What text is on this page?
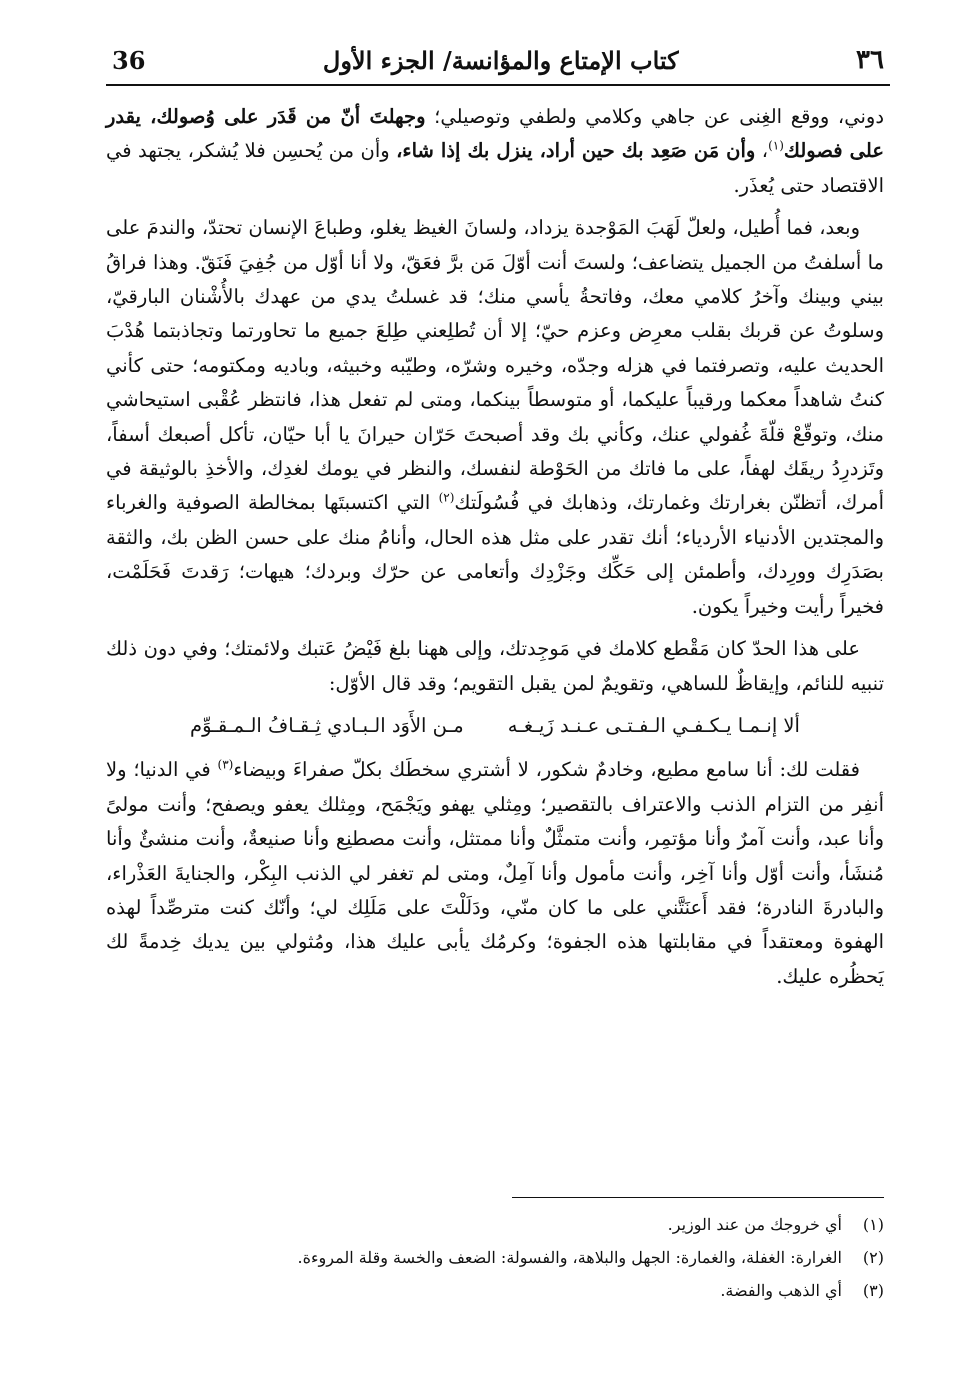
36	كتاب الإمتاع والمؤانسة/ الجزء الأول	٣٦

دوني، ووقع الغِنى عن جاهي وكلامي ولطفي وتوصيلي؛ وجهلتَ أنّ من قَدَر على وُصولك، يقدر على فصولك$^{(١)}$، وأن مَن صَعِد بك حين أراد، ينزل بك إذا شاء، وأن من يُحسِن فلا يُشكر، يجتهد في الاقتصاد حتى يُعذَر.

وبعد، فما أُطيل، ولعلّ لَهَبَ المَوْجدة يزداد، ولسانَ الغيظ يغلو، وطباعَ الإنسان تحتدّ، والندمَ على ما أسلفتُ من الجميل يتضاعف؛ ولستَ أنت أوّلَ مَن برَّ فعَقّ، ولا أنا أوّل من جُفِيَ فَنَقّ. وهذا فراقُ بيني وبينك وآخرُ كلامي معك، وفاتحةُ يأسي منك؛ قد غسلتُ يدي من عهدك بالأُشْنان البارقيّ، وسلوتُ عن قربك بقلب معرِض وعزم حيّ؛ إلا أن تُطلِعني طِلعَ جميع ما تحاورتما وتجاذبتما هُدْبَ الحديث عليه، وتصرفتما في هزله وجدّه، وخيره وشرّه، وطيّبه وخبيثه، وباديه ومكتومه؛ حتى كأني كنتُ شاهداً معكما ورقيباً عليكما، أو متوسطاً بينكما، ومتى لم تفعل هذا، فانتظر عُقْبى استيحاشي منك، وتوقّعْ قلّةَ غُفولي عنك، وكأني بك وقد أصبحتَ حَرّان حيرانَ يا أبا حيّان، تأكل أصبعك أسفاً، وتَزدرِدُ ريقَك لهفاً، على ما فاتك من الحَوْطة لنفسك، والنظر في يومك لغدِك، والأخذِ بالوثيقة في أمرك، أتظنّن بغرارتك وغمارتك، وذهابك في فُسُولَتك$^{(٢)}$ التي اكتسبتَها بمخالطة الصوفية والغرباء والمجتدين الأدنياء الأردياء؛ أنك تقدر على مثل هذه الحال، وأنامُ منك على حسن الظن بك، والثقة بصَدَرِك وورِدك، وأطمئن إلى حَكِّك وجَزْدِك وأتعامى عن حرّك وبردك؛ هيهات؛ رَقدتَ فَحَلَمْت، فخيراً رأيت وخيراً يكون.

على هذا الحدّ كان مَقْطع كلامك في مَوجِدتك، وإلى ههنا بلغ فَيْضُ عَتبك ولائمتك؛ وفي دون ذلك تنبيه للنائم، وإيقاظٌ للساهي، وتقويمٌ لمن يقبل التقويم؛ وقد قال الأوّل:

ألا إنـمـا يـكـفـي الـفـتـى عـنـد زَيـغـه
مـن الأَوَد الـبـادي ثِـقـافُ الـمـقـوِّم

فقلت لك: أنا سامع مطيع، وخادمٌ شكور، لا أشتري سخطَك بكلّ صفراءَ وبيضاء$^{(٣)}$ في الدنيا؛ ولا أنفِر من التزام الذنب والاعتراف بالتقصير؛ ومِثلي يهفو ويَجْمَح، ومِثلك يعفو ويصفح؛ وأنت مولىً وأنا عبد، وأنت آمرٌ وأنا مؤتمِر، وأنت متمثَّلٌ وأنا ممتثل، وأنت مصطنِع وأنا صنيعةٌ، وأنت منشئٌ وأنا مُنشَأ، وأنت أوّل وأنا آخِر، وأنت مأمول وأنا آمِلٌ، ومتى لم تغفر لي الذنب البِكْر، والجنايةَ العَذْراء، والبادرةَ النادرة؛ فقد أَعنَتَّني على ما كان منّي، ودَلَلْتَ على مَلَلِك لي؛ وأنّك كنت مترصِّداً لهذه الهفوة ومعتقداً في مقابلتها هذه الجفوة؛ وكرمُك يأبى عليك هذا، ومُثولي بين يديك خِدمةً لك يَحظُره عليك.

(١)
أي خروجك من عند الوزير.
(٢)
الغرارة: الغفلة، والغمارة: الجهل والبلاهة، والفسولة: الضعف والخسة وقلة المروءة.
(٣)
أي الذهب والفضة.
